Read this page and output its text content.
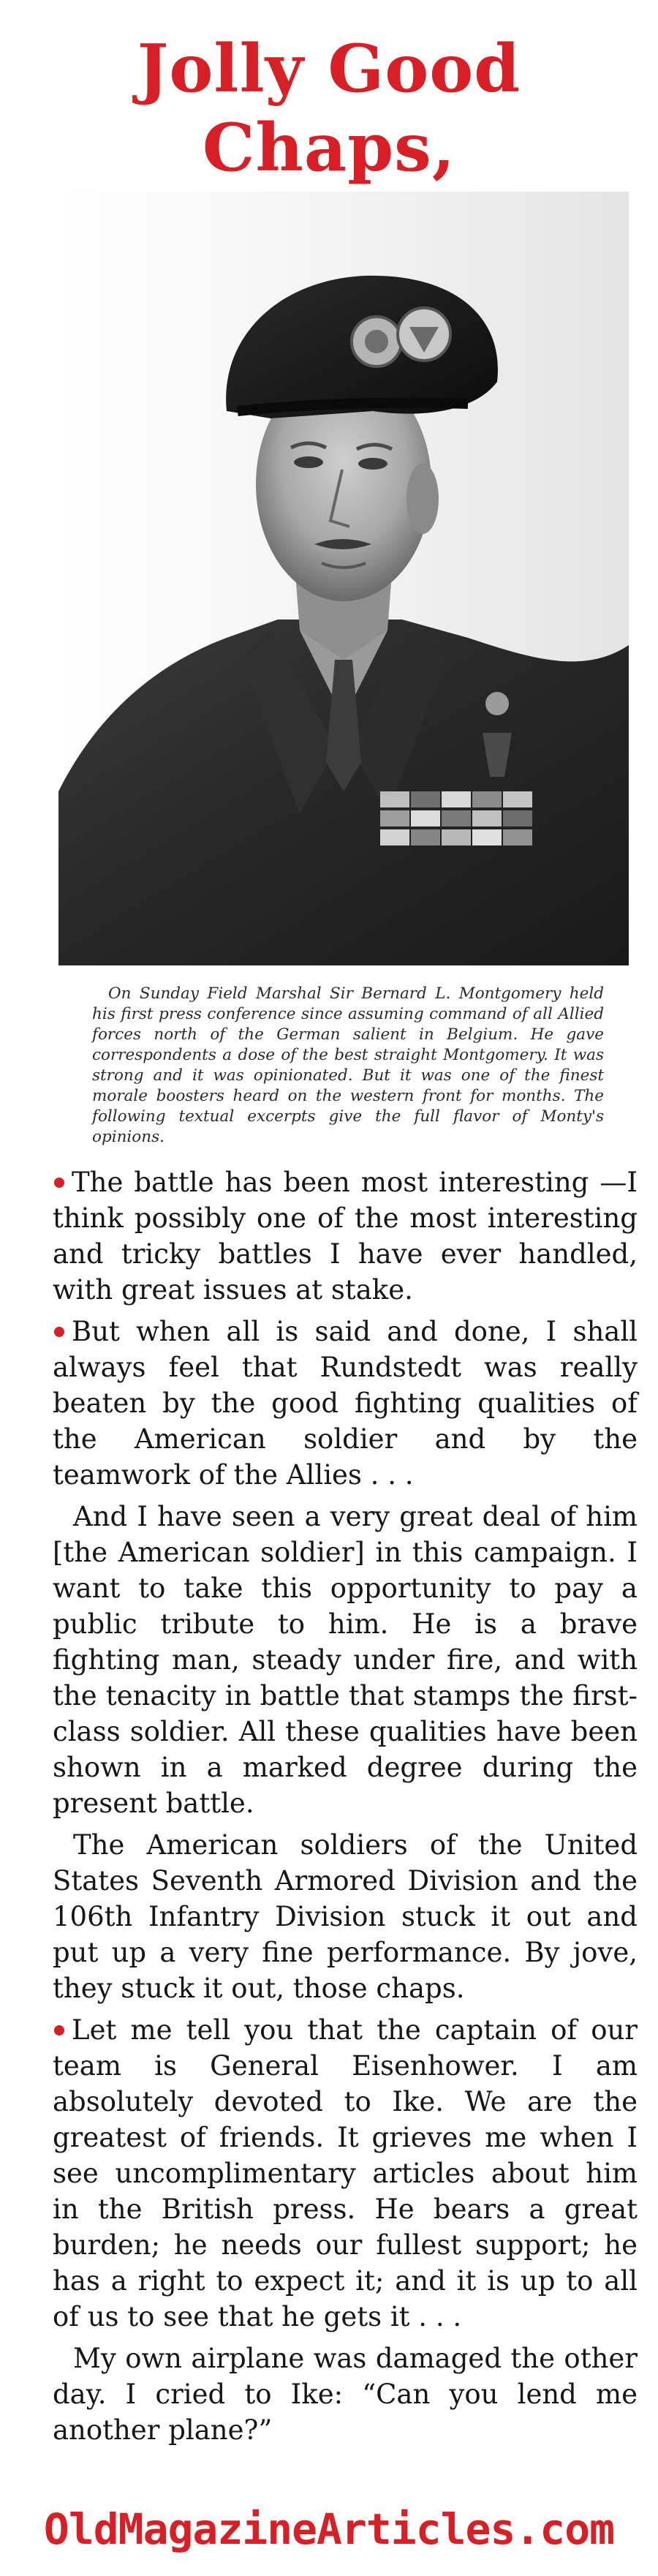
Jolly Good Chaps,

On Sunday Field Marshal Sir Bernard L. Montgomery held his first press conference since assuming command of all Allied forces north of the German salient in Belgium. He gave correspondents a dose of the best straight Montgomery. It was strong and it was opinionated. But it was one of the finest morale boosters heard on the western front for months. The following textual excerpts give the full flavor of Monty's opinions.

The battle has been most interesting —I think possibly one of the most interesting and tricky battles I have ever handled, with great issues at stake.

But when all is said and done, I shall always feel that Rundstedt was really beaten by the good fighting qualities of the American soldier and by the teamwork of the Allies . . .

And I have seen a very great deal of him [the American soldier] in this campaign. I want to take this opportunity to pay a public tribute to him. He is a brave fighting man, steady under fire, and with the tenacity in battle that stamps the first-class soldier. All these qualities have been shown in a marked degree during the present battle.

The American soldiers of the United States Seventh Armored Division and the 106th Infantry Division stuck it out and put up a very fine performance. By jove, they stuck it out, those chaps.

Let me tell you that the captain of our team is General Eisenhower. I am absolutely devoted to Ike. We are the greatest of friends. It grieves me when I see uncomplimentary articles about him in the British press. He bears a great burden; he needs our fullest support; he has a right to expect it; and it is up to all of us to see that he gets it . . .

My own airplane was damaged the other day. I cried to Ike: “Can you lend me another plane?”

OldMagazineArticles.com
